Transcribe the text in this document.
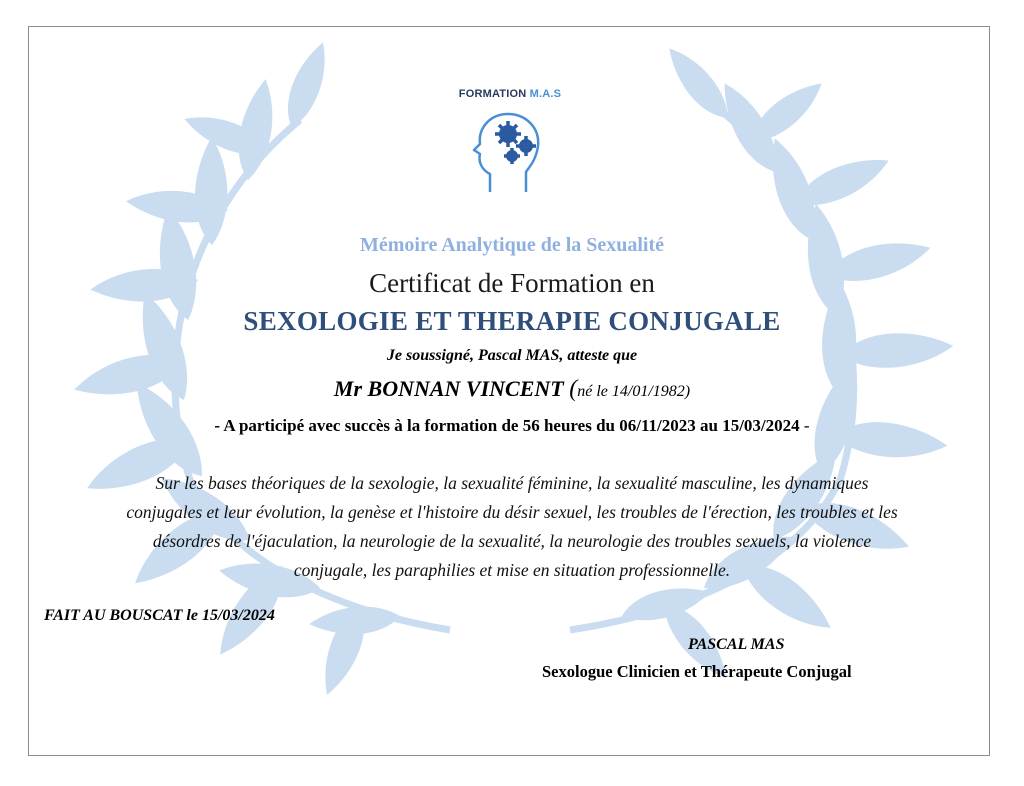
FORMATION M.A.S
Mémoire Analytique de la Sexualité
Certificat de Formation en
SEXOLOGIE ET THERAPIE CONJUGALE
Je soussigné, Pascal MAS, atteste que
Mr BONNAN VINCENT (né le 14/01/1982)
- A participé avec succès à la formation de 56 heures du 06/11/2023 au 15/03/2024 -
Sur les bases théoriques de la sexologie, la sexualité féminine, la sexualité masculine, les dynamiques
conjugales et leur évolution, la genèse et l'histoire du désir sexuel, les troubles de l'érection, les troubles et les
désordres de l'éjaculation, la neurologie de la sexualité, la neurologie des troubles sexuels, la violence
conjugale, les paraphilies et mise en situation professionnelle.
FAIT AU BOUSCAT le 15/03/2024
PASCAL MAS
Sexologue Clinicien et Thérapeute Conjugal
